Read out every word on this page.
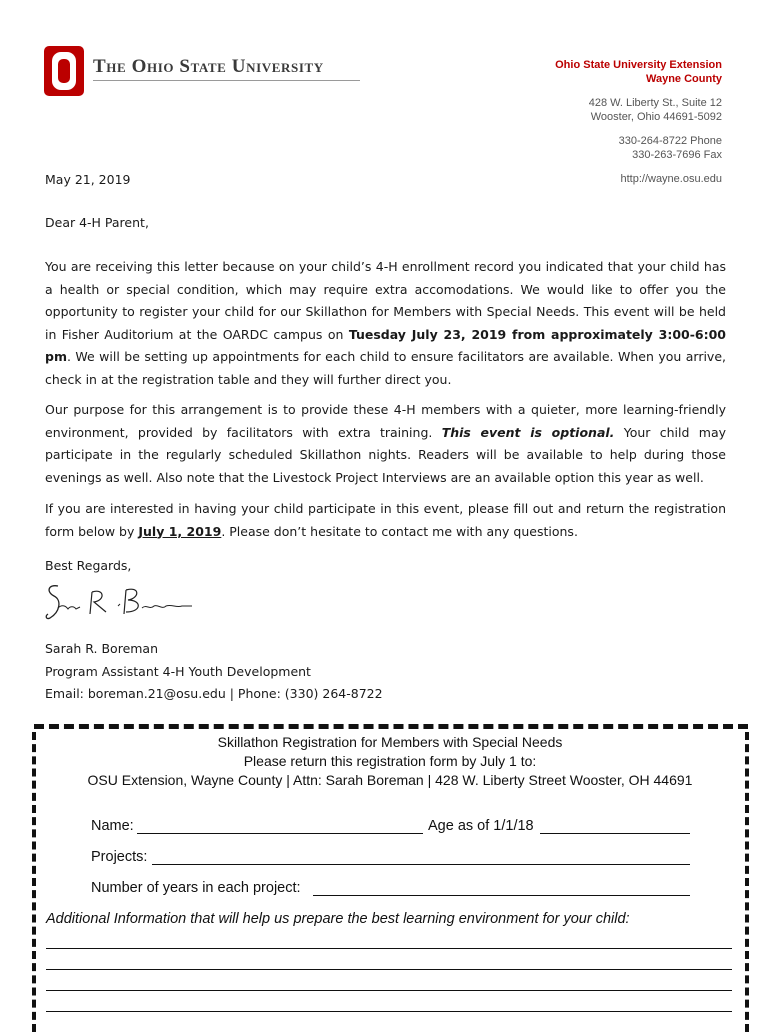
The Ohio State University	Ohio State University Extension
Wayne County
428 W. Liberty St., Suite 12
Wooster, Ohio 44691-5092
330-264-8722 Phone
330-263-7696 Fax
http://wayne.osu.edu
May 21, 2019
Dear 4-H Parent,
You are receiving this letter because on your child’s 4-H enrollment record you indicated that your child has a health or special condition, which may require extra accomodations. We would like to offer you the opportunity to register your child for our Skillathon for Members with Special Needs. This event will be held in Fisher Auditorium at the OARDC campus on Tuesday July 23, 2019 from approximately 3:00-6:00 pm. We will be setting up appointments for each child to ensure facilitators are available. When you arrive, check in at the registration table and they will further direct you.
Our purpose for this arrangement is to provide these 4-H members with a quieter, more learning-friendly environment, provided by facilitators with extra training. This event is optional. Your child may participate in the regularly scheduled Skillathon nights. Readers will be available to help during those evenings as well. Also note that the Livestock Project Interviews are an available option this year as well.
If you are interested in having your child participate in this event, please fill out and return the registration form below by July 1, 2019. Please don’t hesitate to contact me with any questions.
Best Regards,
Sarah R. Boreman
Program Assistant 4-H Youth Development
Email: boreman.21@osu.edu | Phone: (330) 264-8722
Skillathon Registration for Members with Special Needs
Please return this registration form by July 1 to:
OSU Extension, Wayne County | Attn: Sarah Boreman | 428 W. Liberty Street Wooster, OH 44691
Name:	Age as of 1/1/18
Projects:
Number of years in each project:
Additional Information that will help us prepare the best learning environment for your child:
